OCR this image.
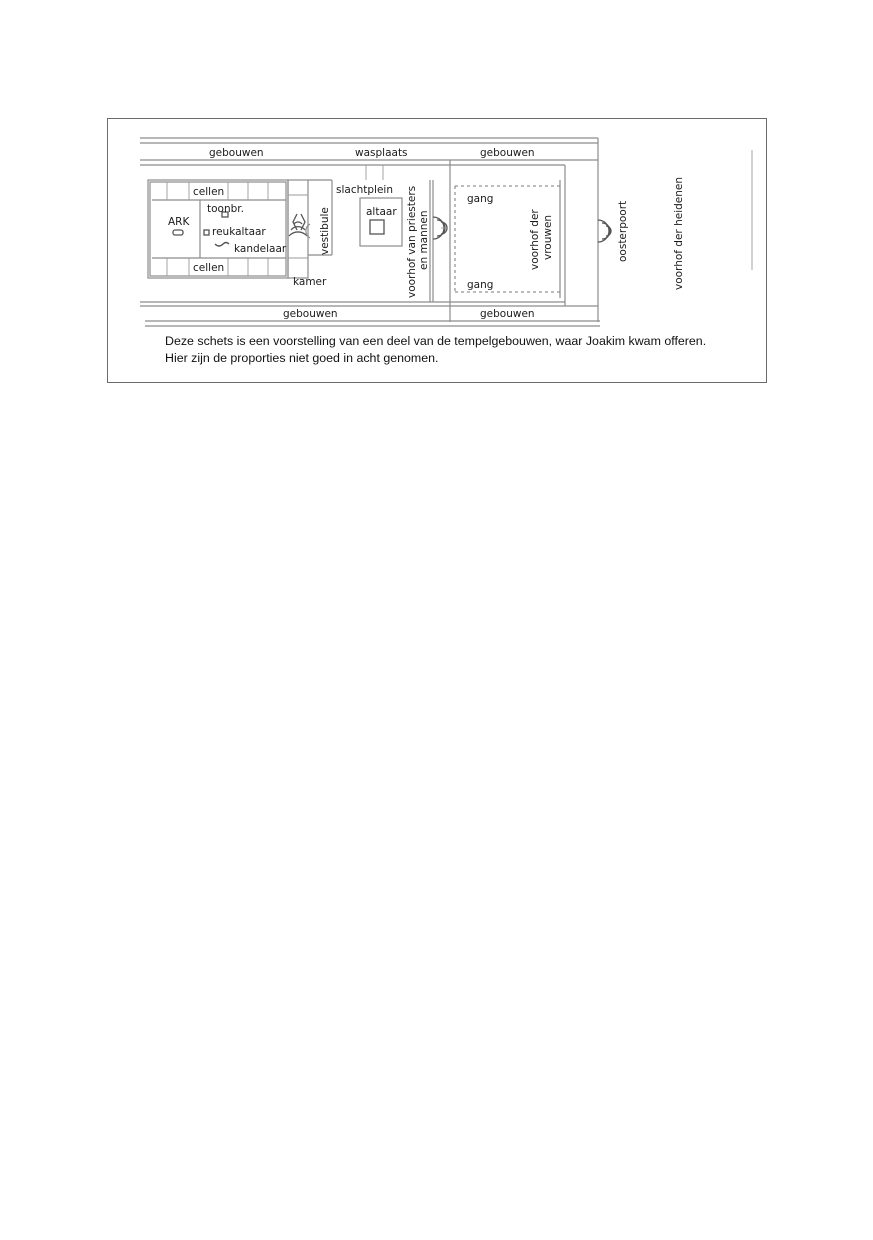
gebouwen	wasplaats	gebouwen
cellen
toonbr.
ARK
reukaltaar
kandelaar
cellen
slachtplein
altaar
vestibule
kamer	voorhof van priesters en mannen
gang
gang
voorhof der vrouwen	oosterpoort	voorhof der heidenen
gebouwen	gebouwen
Deze schets is een voorstelling van een deel van de tempelgebouwen, waar Joakim kwam offeren.
Hier zijn de proporties niet goed in acht genomen.
